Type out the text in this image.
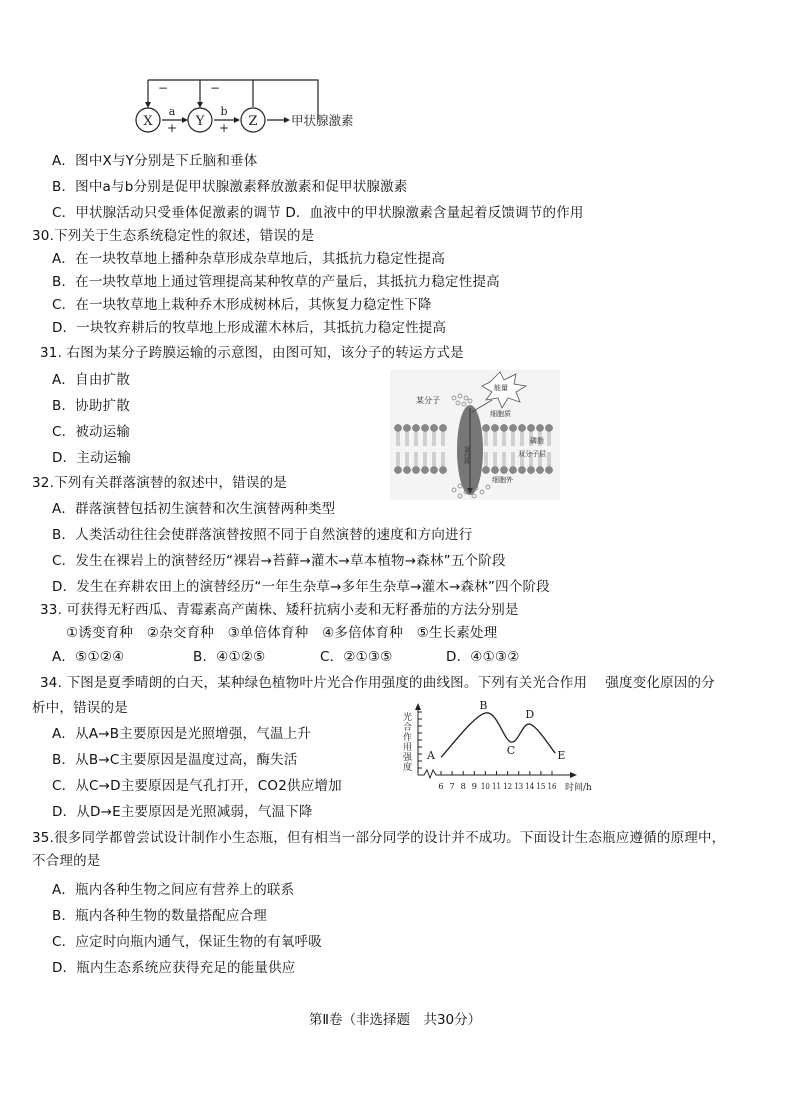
X	Y	Z
a	b
+	+
−	−
甲状腺激素
A．图中X与Y分别是下丘脑和垂体
B．图中a与b分别是促甲状腺激素释放激素和促甲状腺激素
C．甲状腺活动只受垂体促激素的调节 D．血液中的甲状腺激素含量起着反馈调节的作用
30.下列关于生态系统稳定性的叙述，错误的是
A．在一块牧草地上播种杂草形成杂草地后，其抵抗力稳定性提高
B．在一块牧草地上通过管理提高某种牧草的产量后，其抵抗力稳定性提高
C．在一块牧草地上栽种乔木形成树林后，其恢复力稳定性下降
D．一块牧弃耕后的牧草地上形成灌木林后，其抵抗力稳定性提高
31. 右图为某分子跨膜运输的示意图，由图可知，该分子的转运方式是
A．自由扩散
B．协助扩散
C．被动运输
D．主动运输
某分子
能量
细胞质
蛋白质
磷脂
双分子层
细胞外
32.下列有关群落演替的叙述中，错误的是
A．群落演替包括初生演替和次生演替两种类型
B．人类活动往往会使群落演替按照不同于自然演替的速度和方向进行
C．发生在裸岩上的演替经历“裸岩→苔藓→灌木→草本植物→森林”五个阶段
D．发生在弃耕农田上的演替经历“一年生杂草→多年生杂草→灌木→森林”四个阶段
33. 可获得无籽西瓜、青霉素高产菌株、矮秆抗病小麦和无籽番茄的方法分别是
①诱变育种　②杂交育种　③单倍体育种　④多倍体育种　⑤生长素处理
A．⑤①②④	B．④①②⑤	C．②①③⑤	D．④①③②
34. 下图是夏季晴朗的白天，某种绿色植物叶片光合作用强度的曲线图。下列有关光合作用　 强度变化原因的分
析中，错误的是
A．从A→B主要原因是光照增强，气温上升
B．从B→C主要原因是温度过高，酶失活
C．从C→D主要原因是气孔打开，CO2供应增加
D．从D→E主要原因是光照减弱，气温下降
光合作用强度
时间/h
6 7 8 9 10 11 12 13 14 15 16
A
B
C
D
E
35.很多同学都曾尝试设计制作小生态瓶，但有相当一部分同学的设计并不成功。下面设计生态瓶应遵循的原理中，
不合理的是
A．瓶内各种生物之间应有营养上的联系
B．瓶内各种生物的数量搭配应合理
C．应定时向瓶内通气，保证生物的有氧呼吸
D．瓶内生态系统应获得充足的能量供应
第Ⅱ卷（非选择题　共30分）
